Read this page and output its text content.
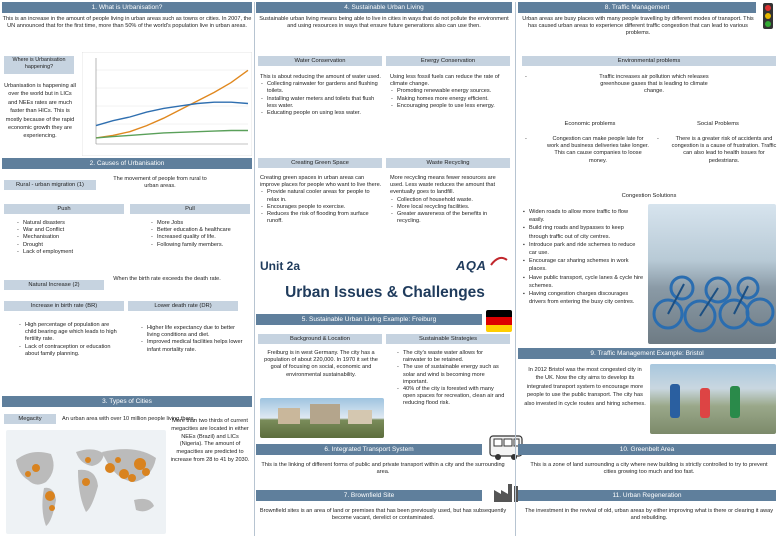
1. What is Urbanisation?
This is an increase in the amount of people living in urban areas such as towns or cities. In 2007, the UN announced that for the first time, more than 50% of the world's population live in urban areas.
Where is Urbanisation happening?
Urbanisation is happening all over the world but in LICs and NEEs rates are much faster than HICs. This is mostly because of the rapid economic growth they are experiencing.
2. Causes of Urbanisation
Rural - urban migration (1)
The movement of people from rural to urban areas.
Push	Pull
- Natural disasters
- War and Conflict
- Mechanisation
- Drought
- Lack of employment
- More Jobs
- Better education & healthcare
- Increased quality of life.
- Following family members.
Natural Increase (2)
When the birth rate exceeds the death rate.
Increase in birth rate (BR)	Lower death rate (DR)
- High percentage of population are child bearing age which leads to high fertility rate.
- Lack of contraception or education about family planning.
- Higher life expectancy due to better living conditions and diet.
- Improved medical facilities helps lower infant mortality rate.
3. Types of Cities
Megacity	An urban area with over 10 million people living there.
More than two thirds of current megacities are located in either NEEs (Brazil) and LICs (Nigeria). The amount of megacities are predicted to increase from 28 to 41 by 2030.
4. Sustainable Urban Living
Sustainable urban living means being able to live in cities in ways that do not pollute the environment and using resources in ways that ensure future generations also can use then.
Water Conservation	Energy Conservation
This is about reducing the amount of water used.
- Collecting rainwater for gardens and flushing toilets.
- Installing water meters and toilets that flush less water.
- Educating people on using less water.
Using less fossil fuels can reduce the rate of climate change.
- Promoting renewable energy sources.
- Making homes more energy efficient.
- Encouraging people to use less energy.
Creating Green Space	Waste Recycling
Creating green spaces in urban areas can improve places for people who want to live there.
- Provide natural cooler areas for people to relax in.
- Encourages people to exercise.
- Reduces the risk of flooding from surface runoff.
More recycling means fewer resources are used. Less waste reduces the amount that eventually goes to landfill.
- Collection of household waste.
- More local recycling facilities.
- Greater awareness of the benefits in recycling.
Unit 2a	AQA
Urban Issues & Challenges
5. Sustainable Urban Living Example: Freiburg
Background & Location	Sustainable Strategies
Freiburg is in west Germany. The city has a population of about 220,000. In 1970 it set the goal of focusing on social, economic and environmental sustainability.
- The city's waste water allows for rainwater to be retained.
- The use of sustainable energy such as solar and wind is becoming more important.
- 40% of the city is forested with many open spaces for recreation, clean air and reducing flood risk.
6. Integrated Transport System
This is the linking of different forms of public and private transport within a city and the surrounding area.
7. Brownfield Site
Brownfield sites is an area of land or premises that has been previously used, but has subsequently become vacant, derelict or contaminated.
8. Traffic Management
Urban areas are busy places with many people travelling by different modes of transport. This has caused urban areas to experience different traffic congestion that can lead to various problems.
Environmental problems
- Traffic increases air pollution which releases greenhouse gases that is leading to climate change.
Economic problems	Social Problems
- Congestion can make people late for work and business deliveries take longer. This can cause companies to loose money.
- There is a greater risk of accidents and congestion is a cause of frustration. Traffic can also lead to health issues for pedestrians.
Congestion Solutions
▪ Widen roads to allow more traffic to flow easily.
▪ Build ring roads and bypasses to keep through traffic out of city centres.
▪ Introduce park and ride schemes to reduce car use.
▪ Encourage car sharing schemes in work places.
▪ Have public transport, cycle lanes & cycle hire schemes.
▪ Having congestion charges discourages drivers from entering the busy city centres.
9. Traffic Management Example: Bristol
In 2012 Bristol was the most congested city in the UK. Now the city aims to develop its integrated transport system to encourage more people to use the public transport. The city has also invested in cycle routes and hiring schemes.
10. Greenbelt Area
This is a zone of land surrounding a city where new building is strictly controlled to try to prevent cities growing too much and too fast.
11. Urban Regeneration
The investment in the revival of old, urban areas by either improving what is there or clearing it away and rebuilding.
